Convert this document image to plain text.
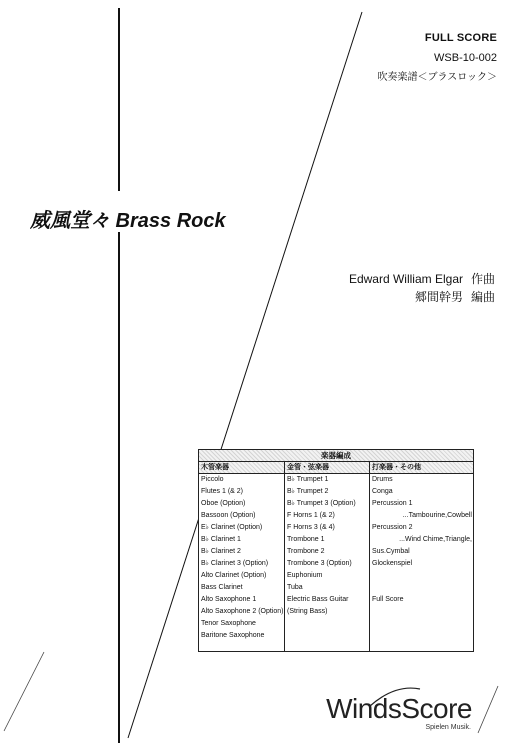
FULL SCORE
WSB-10-002
吹奏楽譜＜ブラスロック＞
威風堂々 Brass Rock
Edward William Elgar 作曲
郷間幹男 編曲
楽器編成
木管楽器
Piccolo
Flutes 1 (& 2)
Oboe (Option)
Bassoon (Option)
E♭ Clarinet (Option)
B♭ Clarinet 1
B♭ Clarinet 2
B♭ Clarinet 3 (Option)
Alto Clarinet (Option)
Bass Clarinet
Alto Saxophone 1
Alto Saxophone 2 (Option)
Tenor Saxophone
Baritone Saxophone
金管・弦楽器
B♭ Trumpet 1
B♭ Trumpet 2
B♭ Trumpet 3 (Option)
F Horns 1 (& 2)
F Horns 3 (& 4)
Trombone 1
Trombone 2
Trombone 3 (Option)
Euphonium
Tuba
Electric Bass Guitar
(String Bass)
打楽器・その他
Drums
Conga
Percussion 1
...Tambourine,Cowbell
Percussion 2
...Wind Chime,Triangle,
Sus.Cymbal
Glockenspiel
Full Score
WindsScore
Spielen Musik.
